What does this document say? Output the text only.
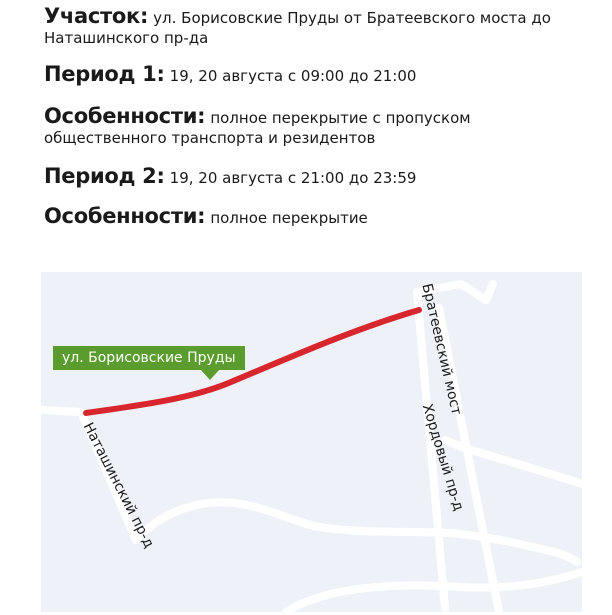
Участок: ул. Борисовские Пруды от Братеевского моста до Наташинского пр-да
Период 1: 19, 20 августа с 09:00 до 21:00
Особенности: полное перекрытие с пропуском общественного транспорта и резидентов
Период 2: 19, 20 августа с 21:00 до 23:59
Особенности: полное перекрытие
ул. Борисовские Пруды	Братеевский мост
Хордовый пр-д
Наташинский пр-д
